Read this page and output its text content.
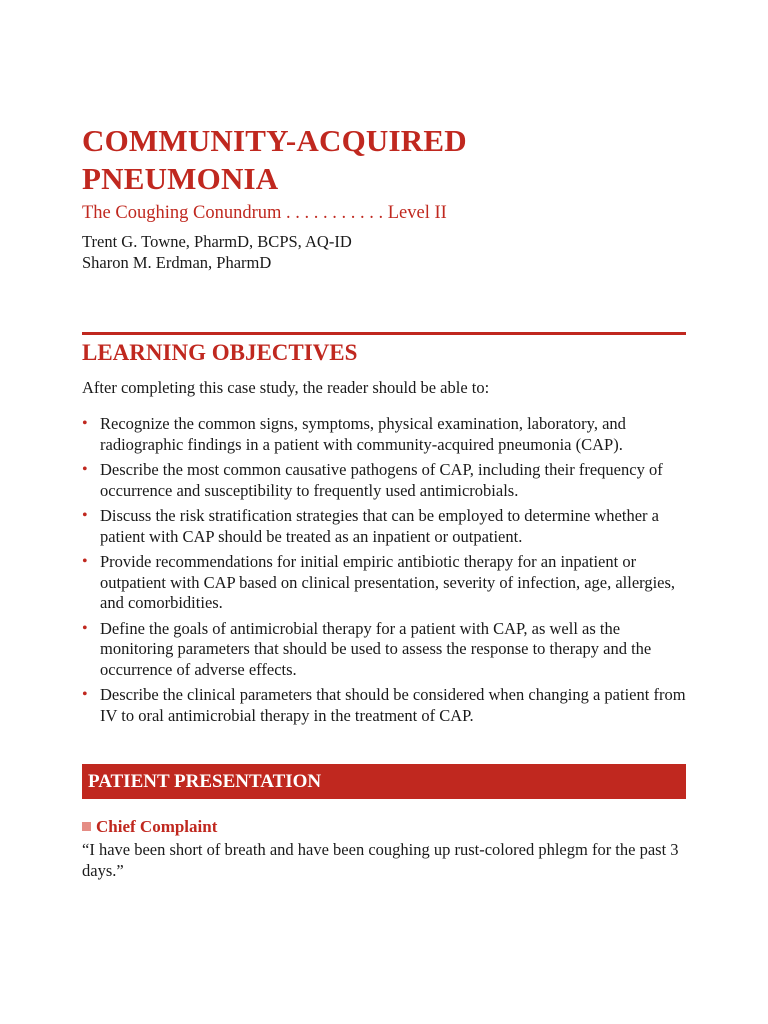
COMMUNITY-ACQUIRED
PNEUMONIA
The Coughing Conundrum . . . . . . . . . . . Level II
Trent G. Towne, PharmD, BCPS, AQ-ID
Sharon M. Erdman, PharmD
LEARNING OBJECTIVES
After completing this case study, the reader should be able to:
• Recognize the common signs, symptoms, physical examination, laboratory, and radiographic findings in a patient with community-acquired pneumonia (CAP).
• Describe the most common causative pathogens of CAP, including their frequency of occurrence and susceptibility to frequently used antimicrobials.
• Discuss the risk stratification strategies that can be employed to determine whether a patient with CAP should be treated as an inpatient or outpatient.
• Provide recommendations for initial empiric antibiotic therapy for an inpatient or outpatient with CAP based on clinical presentation, severity of infection, age, allergies, and comorbidities.
• Define the goals of antimicrobial therapy for a patient with CAP, as well as the monitoring parameters that should be used to assess the response to therapy and the occurrence of adverse effects.
• Describe the clinical parameters that should be considered when changing a patient from IV to oral antimicrobial therapy in the treatment of CAP.
PATIENT PRESENTATION
Chief Complaint
“I have been short of breath and have been coughing up rust-colored phlegm for the past 3 days.”
